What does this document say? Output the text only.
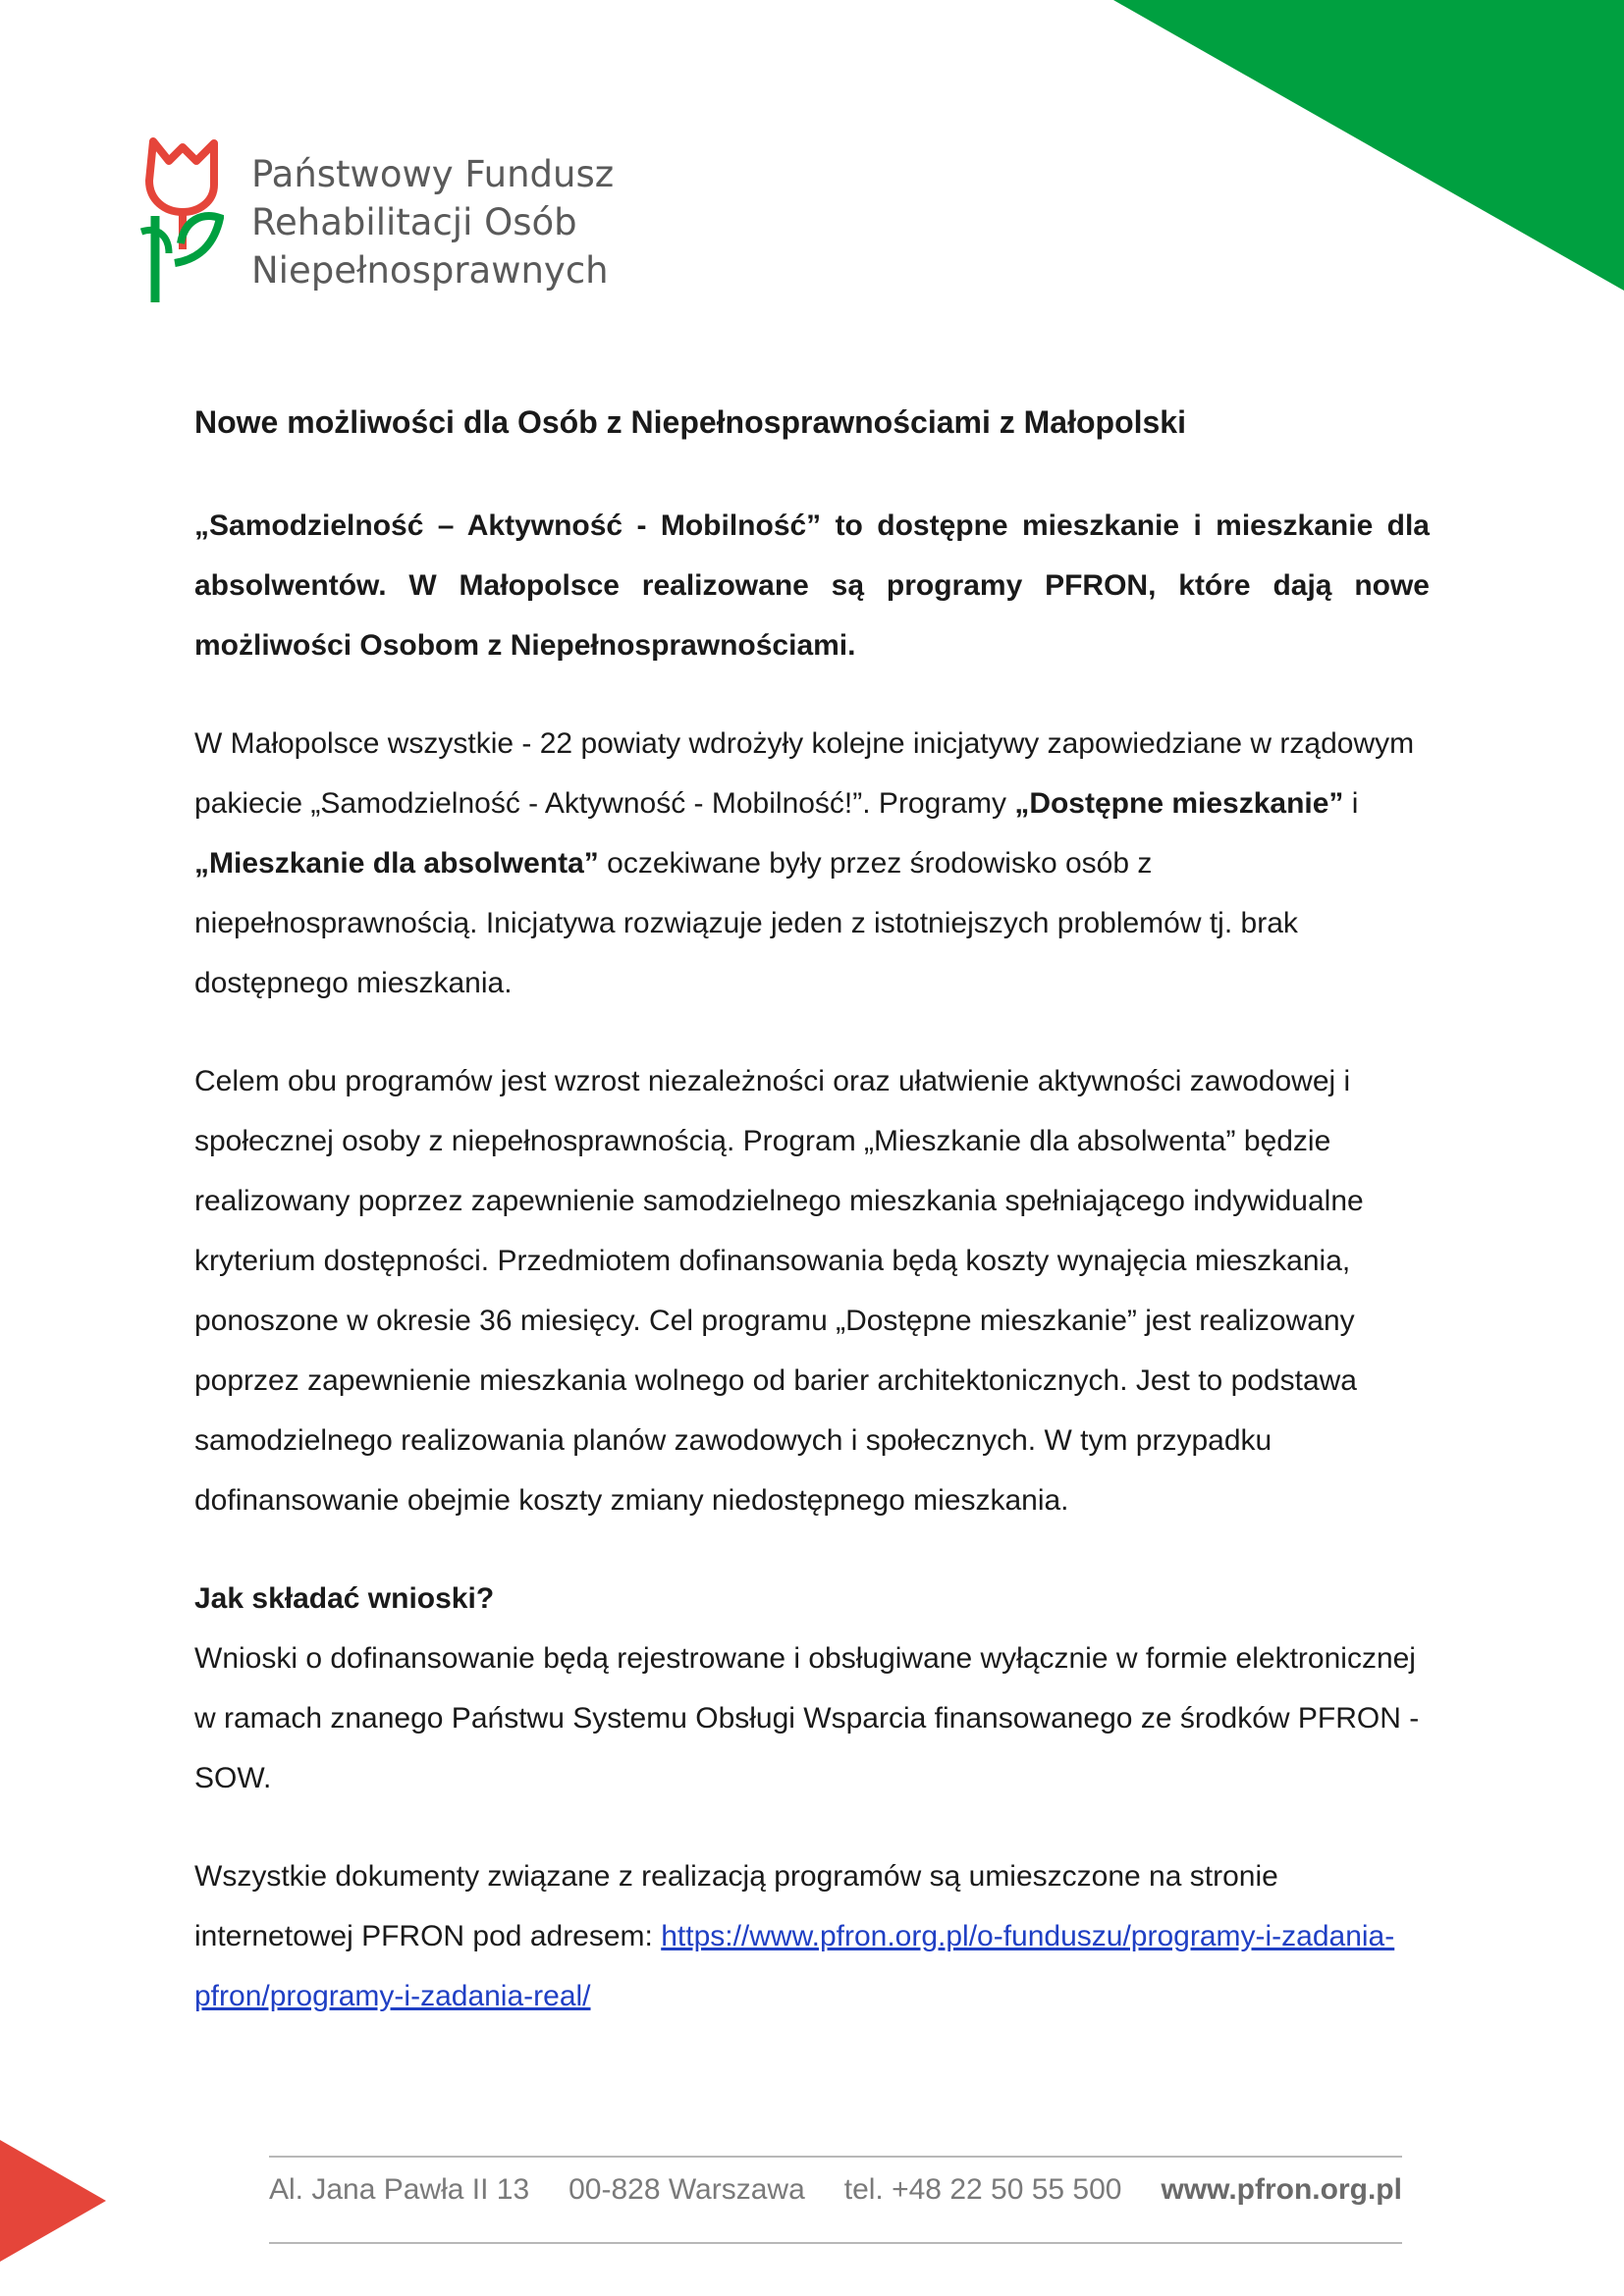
Państwowy Fundusz
Rehabilitacji Osób
Niepełnosprawnych
Nowe możliwości dla Osób z Niepełnosprawnościami z Małopolski

„Samodzielność – Aktywność - Mobilność” to dostępne mieszkanie i mieszkanie dla absolwentów. W Małopolsce realizowane są programy PFRON, które dają nowe możliwości Osobom z Niepełnosprawnościami.

W Małopolsce wszystkie - 22 powiaty wdrożyły kolejne inicjatywy zapowiedziane w rządowym pakiecie „Samodzielność - Aktywność - Mobilność!”. Programy „Dostępne mieszkanie” i „Mieszkanie dla absolwenta” oczekiwane były przez środowisko osób z niepełnosprawnością. Inicjatywa rozwiązuje jeden z istotniejszych problemów tj. brak dostępnego mieszkania.

Celem obu programów jest wzrost niezależności oraz ułatwienie aktywności zawodowej i społecznej osoby z niepełnosprawnością. Program „Mieszkanie dla absolwenta” będzie realizowany poprzez zapewnienie samodzielnego mieszkania spełniającego indywidualne kryterium dostępności. Przedmiotem dofinansowania będą koszty wynajęcia mieszkania, ponoszone w okresie 36 miesięcy. Cel programu „Dostępne mieszkanie” jest realizowany poprzez zapewnienie mieszkania wolnego od barier architektonicznych. Jest to podstawa samodzielnego realizowania planów zawodowych i społecznych. W tym przypadku dofinansowanie obejmie koszty zmiany niedostępnego mieszkania.

Jak składać wnioski?

Wnioski o dofinansowanie będą rejestrowane i obsługiwane wyłącznie w formie elektronicznej w ramach znanego Państwu Systemu Obsługi Wsparcia finansowanego ze środków PFRON - SOW.

Wszystkie dokumenty związane z realizacją programów są umieszczone na stronie internetowej PFRON pod adresem: https://www.pfron.org.pl/o-funduszu/programy-i-zadania-pfron/programy-i-zadania-real/

Al. Jana Pawła II 13 00-828 Warszawa tel. +48 22 50 55 500 www.pfron.org.pl
